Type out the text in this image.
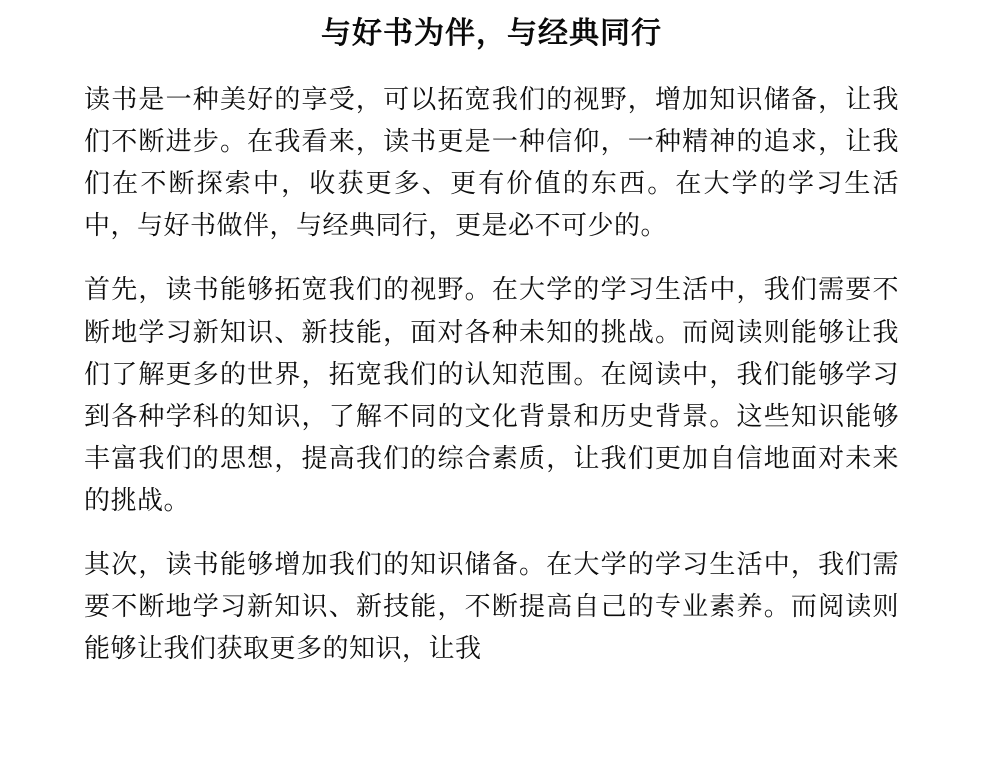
与好书为伴，与经典同行

读书是一种美好的享受，可以拓宽我们的视野，增加知识储备，让我们不断进步。在我看来，读书更是一种信仰，一种精神的追求，让我们在不断探索中，收获更多、更有价值的东西。在大学的学习生活中，与好书做伴，与经典同行，更是必不可少的。

首先，读书能够拓宽我们的视野。在大学的学习生活中，我们需要不断地学习新知识、新技能，面对各种未知的挑战。而阅读则能够让我们了解更多的世界，拓宽我们的认知范围。在阅读中，我们能够学习到各种学科的知识，了解不同的文化背景和历史背景。这些知识能够丰富我们的思想，提高我们的综合素质，让我们更加自信地面对未来的挑战。

其次，读书能够增加我们的知识储备。在大学的学习生活中，我们需要不断地学习新知识、新技能，不断提高自己的专业素养。而阅读则能够让我们获取更多的知识，让我
